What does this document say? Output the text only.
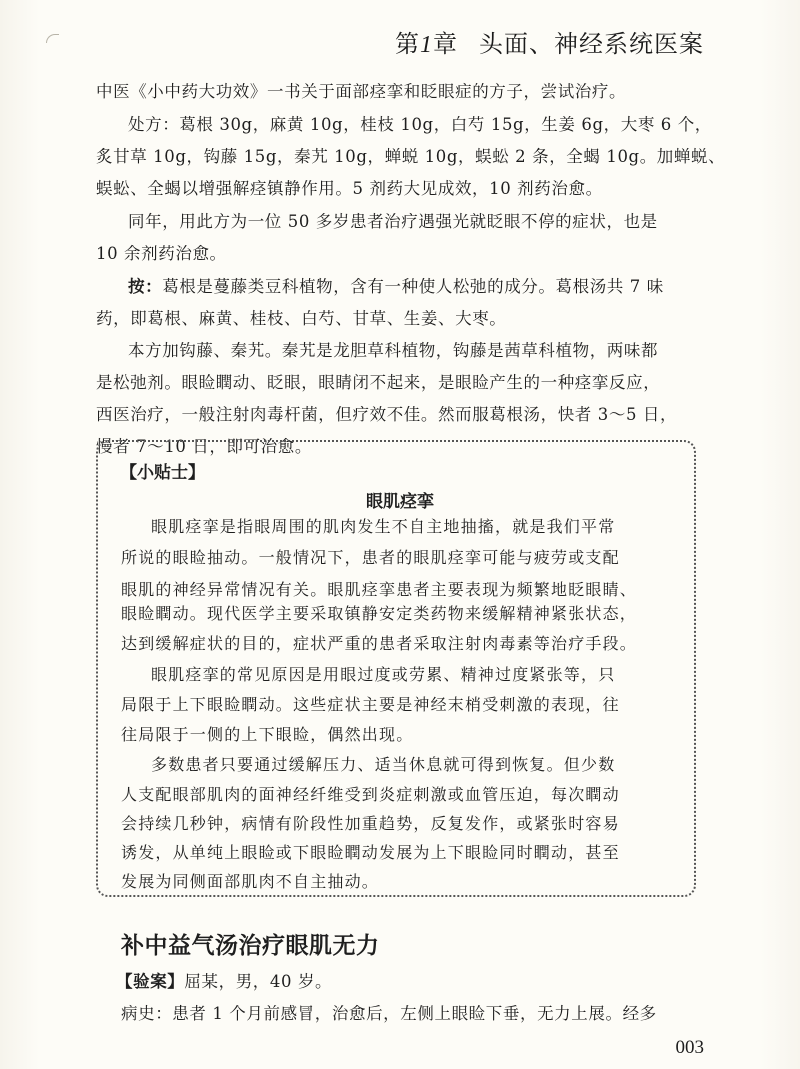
第1章 头面、神经系统医案
中医《小中药大功效》一书关于面部痉挛和眨眼症的方子，尝试治疗。
处方：葛根 30g，麻黄 10g，桂枝 10g，白芍 15g，生姜 6g，大枣 6 个，
炙甘草 10g，钩藤 15g，秦艽 10g，蝉蜕 10g，蜈蚣 2 条，全蝎 10g。加蝉蜕、
蜈蚣、全蝎以增强解痉镇静作用。5 剂药大见成效，10 剂药治愈。
同年，用此方为一位 50 多岁患者治疗遇强光就眨眼不停的症状，也是
10 余剂药治愈。
按：葛根是蔓藤类豆科植物，含有一种使人松弛的成分。葛根汤共 7 味
药，即葛根、麻黄、桂枝、白芍、甘草、生姜、大枣。
本方加钩藤、秦艽。秦艽是龙胆草科植物，钩藤是茜草科植物，两味都
是松弛剂。眼睑瞤动、眨眼，眼睛闭不起来，是眼睑产生的一种痉挛反应，
西医治疗，一般注射肉毒杆菌，但疗效不佳。然而服葛根汤，快者 3～5 日，
慢者 7～10 日，即可治愈。
【小贴士】
眼肌痉挛
眼肌痉挛是指眼周围的肌肉发生不自主地抽搐，就是我们平常
所说的眼睑抽动。一般情况下，患者的眼肌痉挛可能与疲劳或支配
眼肌的神经异常情况有关。眼肌痉挛患者主要表现为频繁地眨眼睛、
眼睑瞤动。现代医学主要采取镇静安定类药物来缓解精神紧张状态，
达到缓解症状的目的，症状严重的患者采取注射肉毒素等治疗手段。
眼肌痉挛的常见原因是用眼过度或劳累、精神过度紧张等，只
局限于上下眼睑瞤动。这些症状主要是神经末梢受刺激的表现，往
往局限于一侧的上下眼睑，偶然出现。
多数患者只要通过缓解压力、适当休息就可得到恢复。但少数
人支配眼部肌肉的面神经纤维受到炎症刺激或血管压迫，每次瞤动
会持续几秒钟，病情有阶段性加重趋势，反复发作，或紧张时容易
诱发，从单纯上眼睑或下眼睑瞤动发展为上下眼睑同时瞤动，甚至
发展为同侧面部肌肉不自主抽动。
补中益气汤治疗眼肌无力
【验案】屈某，男，40 岁。
病史：患者 1 个月前感冒，治愈后，左侧上眼睑下垂，无力上展。经多
003
